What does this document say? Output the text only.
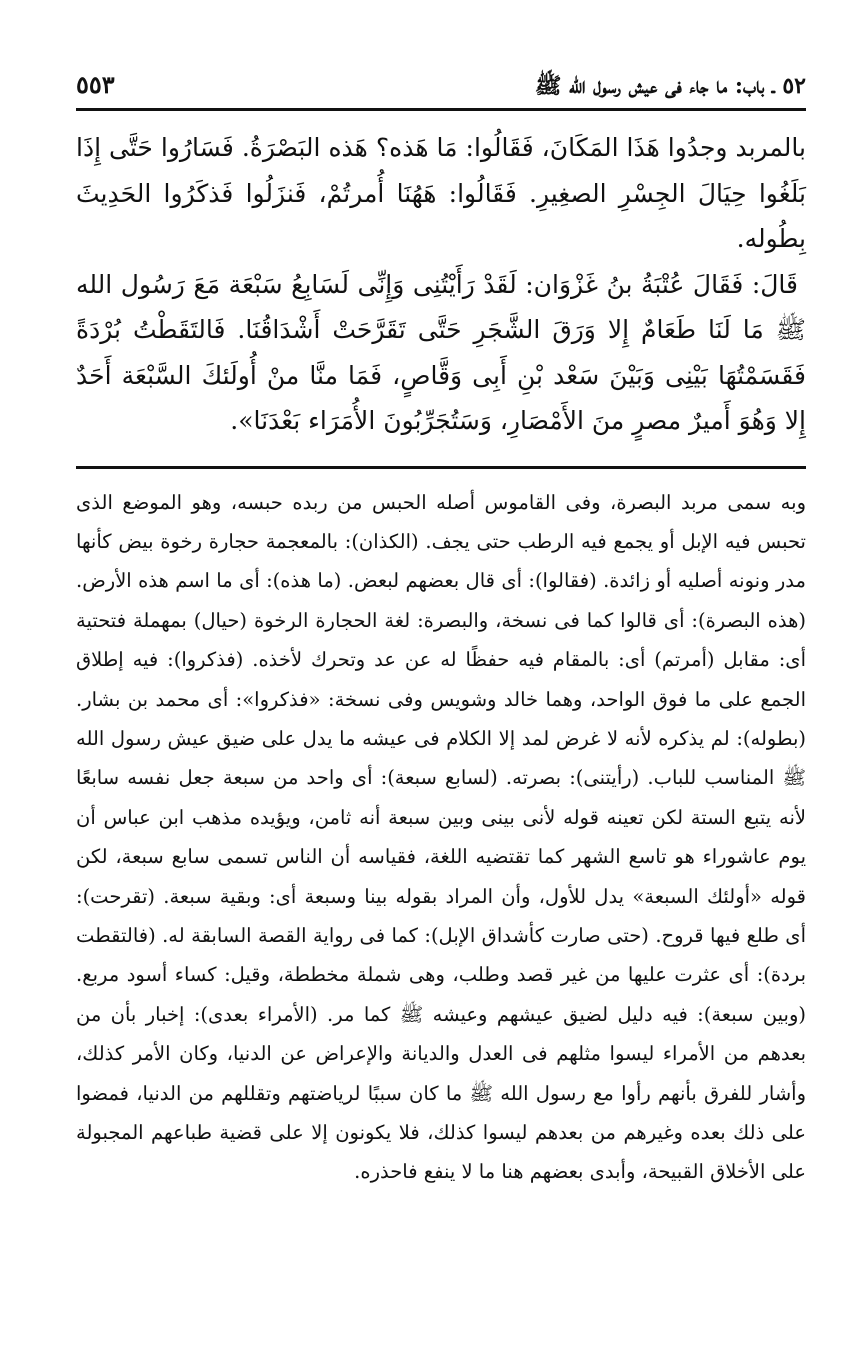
٥٢ ـ باب: ما جاء فى عيش رسول الله ﷺ
٥٥٣

بالمربد وجدُوا هَذَا المَكَانَ، فَقَالُوا: مَا هَذه؟ هَذه البَصْرَةُ. فَسَارُوا حَتَّى إِذَا بَلَغُوا حِيَالَ الجِسْرِ الصغِيرِ. فَقَالُوا: هَهُنَا أُمرتُمْ، فَنزَلُوا فَذكَرُوا الحَدِيثَ بِطُوله.

قَالَ: فَقَالَ عُتْبَةُ بنُ غَزْوَان: لَقَدْ رَأَيْتُنِى وَإِنِّى لَسَابِعُ سَبْعَة مَعَ رَسُول الله ﷺ مَا لَنَا طَعَامٌ إِلا وَرَقَ الشَّجَرِ حَتَّى تَقَرَّحَتْ أَشْدَاقُنَا. فَالتَقَطْتُ بُرْدَةً فَقَسَمْتُهَا بَيْنِى وَبَيْنَ سَعْد بْنِ أَبِى وَقَّاصٍ، فَمَا منَّا منْ أُولَئكَ السَّبْعَة أَحَدٌ إِلا وَهُوَ أَميرٌ مصرٍ منَ الأَمْصَارِ، وَسَتُجَرِّبُونَ الأُمَرَاء بَعْدَنَا».

وبه سمى مربد البصرة، وفى القاموس أصله الحبس من ربده حبسه، وهو الموضع الذى تحبس فيه الإبل أو يجمع فيه الرطب حتى يجف. (الكذان): بالمعجمة حجارة رخوة بيض كأنها مدر ونونه أصليه أو زائدة. (فقالوا): أى قال بعضهم لبعض. (ما هذه): أى ما اسم هذه الأرض. (هذه البصرة): أى قالوا كما فى نسخة، والبصرة: لغة الحجارة الرخوة (حيال) بمهملة فتحتية أى: مقابل (أمرتم) أى: بالمقام فيه حفظًا له عن عد وتحرك لأخذه. (فذكروا): فيه إطلاق الجمع على ما فوق الواحد، وهما خالد وشويس وفى نسخة: «فذكروا»: أى محمد بن بشار. (بطوله): لم يذكره لأنه لا غرض لمد إلا الكلام فى عيشه ما يدل على ضيق عيش رسول الله ﷺ المناسب للباب. (رأيتنى): بصرته. (لسابع سبعة): أى واحد من سبعة جعل نفسه سابعًا لأنه يتبع الستة لكن تعينه قوله لأنى بينى وبين سبعة أنه ثامن، ويؤيده مذهب ابن عباس أن يوم عاشوراء هو تاسع الشهر كما تقتضيه اللغة، فقياسه أن الناس تسمى سابع سبعة، لكن قوله «أولئك السبعة» يدل للأول، وأن المراد بقوله بينا وسبعة أى: وبقية سبعة. (تقرحت): أى طلع فيها قروح. (حتى صارت كأشداق الإبل): كما فى رواية القصة السابقة له. (فالتقطت بردة): أى عثرت عليها من غير قصد وطلب، وهى شملة مخططة، وقيل: كساء أسود مربع. (وبين سبعة): فيه دليل لضيق عيشهم وعيشه ﷺ كما مر. (الأمراء بعدى): إخبار بأن من بعدهم من الأمراء ليسوا مثلهم فى العدل والديانة والإعراض عن الدنيا، وكان الأمر كذلك، وأشار للفرق بأنهم رأوا مع رسول الله ﷺ ما كان سببًا لرياضتهم وتقللهم من الدنيا، فمضوا على ذلك بعده وغيرهم من بعدهم ليسوا كذلك، فلا يكونون إلا على قضية طباعهم المجبولة على الأخلاق القبيحة، وأبدى بعضهم هنا ما لا ينفع فاحذره.
